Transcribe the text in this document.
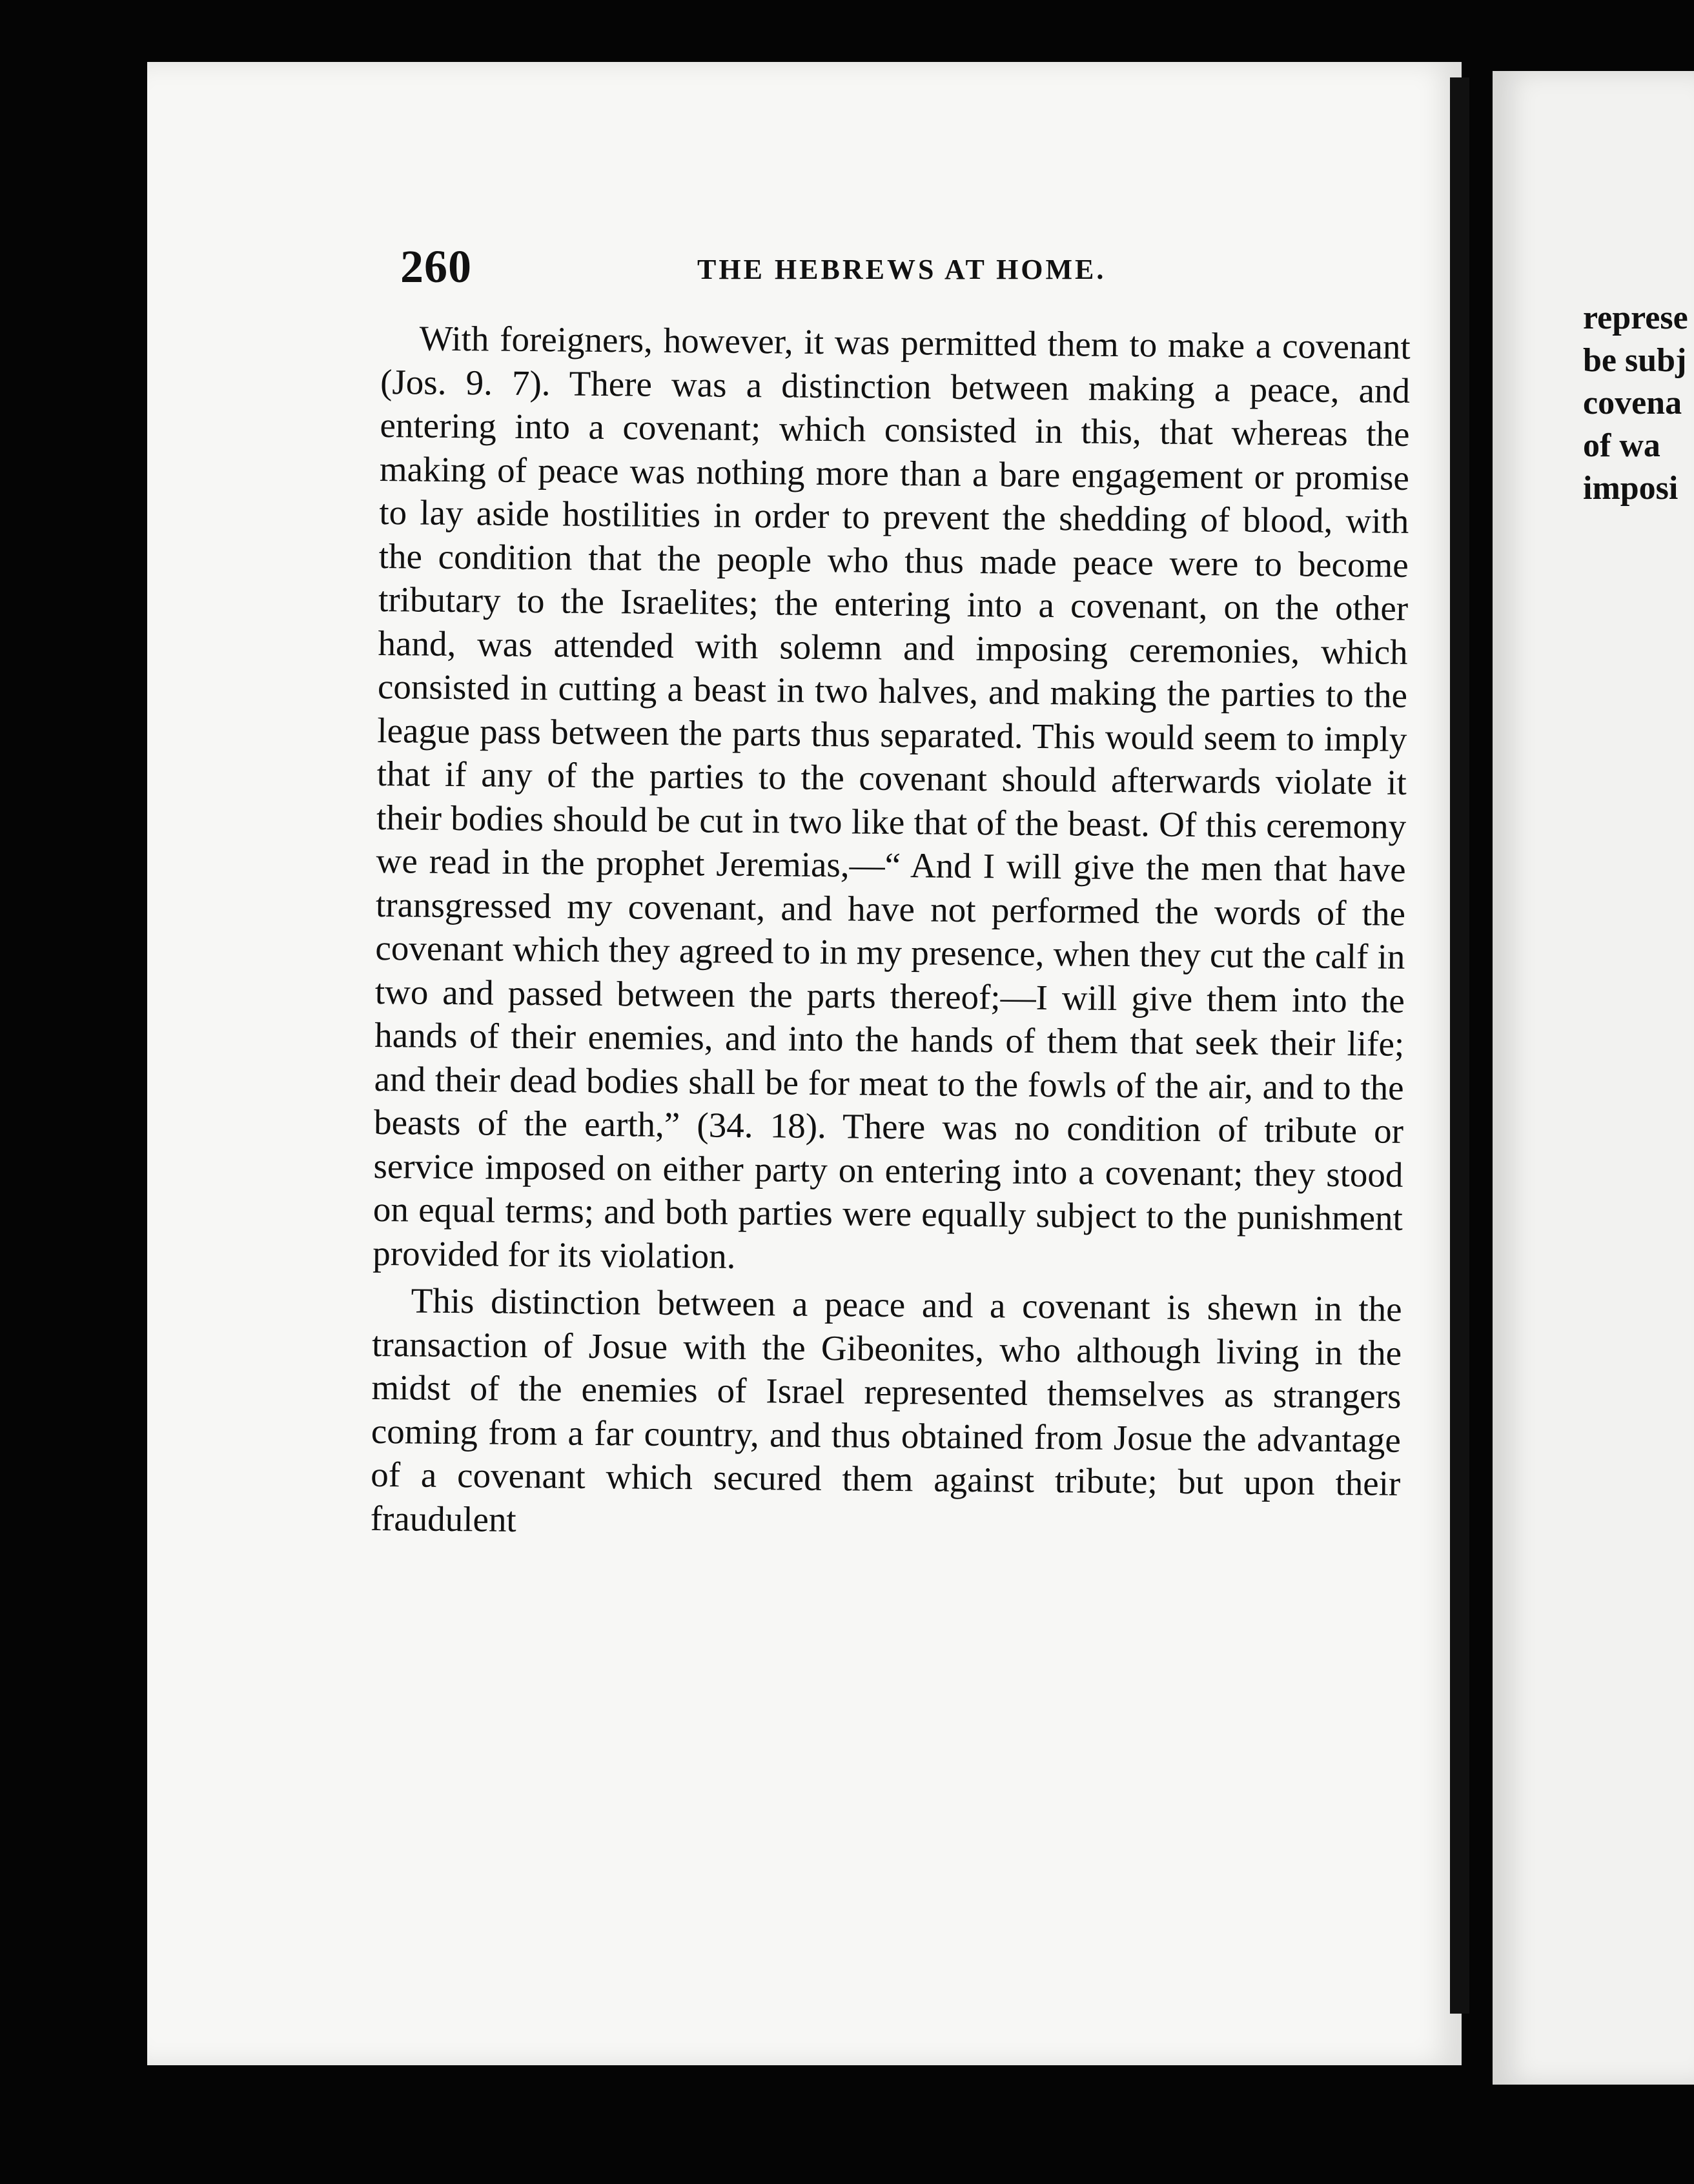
260	THE HEBREWS AT HOME.

With foreigners, however, it was permitted them to make a covenant (Jos. 9. 7). There was a distinction between making a peace, and entering into a covenant; which consisted in this, that whereas the making of peace was nothing more than a bare engagement or promise to lay aside hostilities in order to prevent the shedding of blood, with the condition that the people who thus made peace were to become tributary to the Israelites; the entering into a covenant, on the other hand, was attended with solemn and imposing ceremonies, which consisted in cutting a beast in two halves, and making the parties to the league pass between the parts thus separated. This would seem to imply that if any of the parties to the covenant should afterwards violate it their bodies should be cut in two like that of the beast. Of this ceremony we read in the prophet Jeremias,—“ And I will give the men that have transgressed my covenant, and have not performed the words of the covenant which they agreed to in my presence, when they cut the calf in two and passed between the parts thereof;—I will give them into the hands of their enemies, and into the hands of them that seek their life; and their dead bodies shall be for meat to the fowls of the air, and to the beasts of the earth,” (34. 18). There was no condition of tribute or service imposed on either party on entering into a covenant; they stood on equal terms; and both parties were equally subject to the punishment provided for its violation.

This distinction between a peace and a covenant is shewn in the transaction of Josue with the Gibeonites, who although living in the midst of the enemies of Israel represented themselves as strangers coming from a far country, and thus obtained from Josue the advantage of a covenant which secured them against tribute; but upon their fraudulent

represe
be subj
covena
of wa
imposi
